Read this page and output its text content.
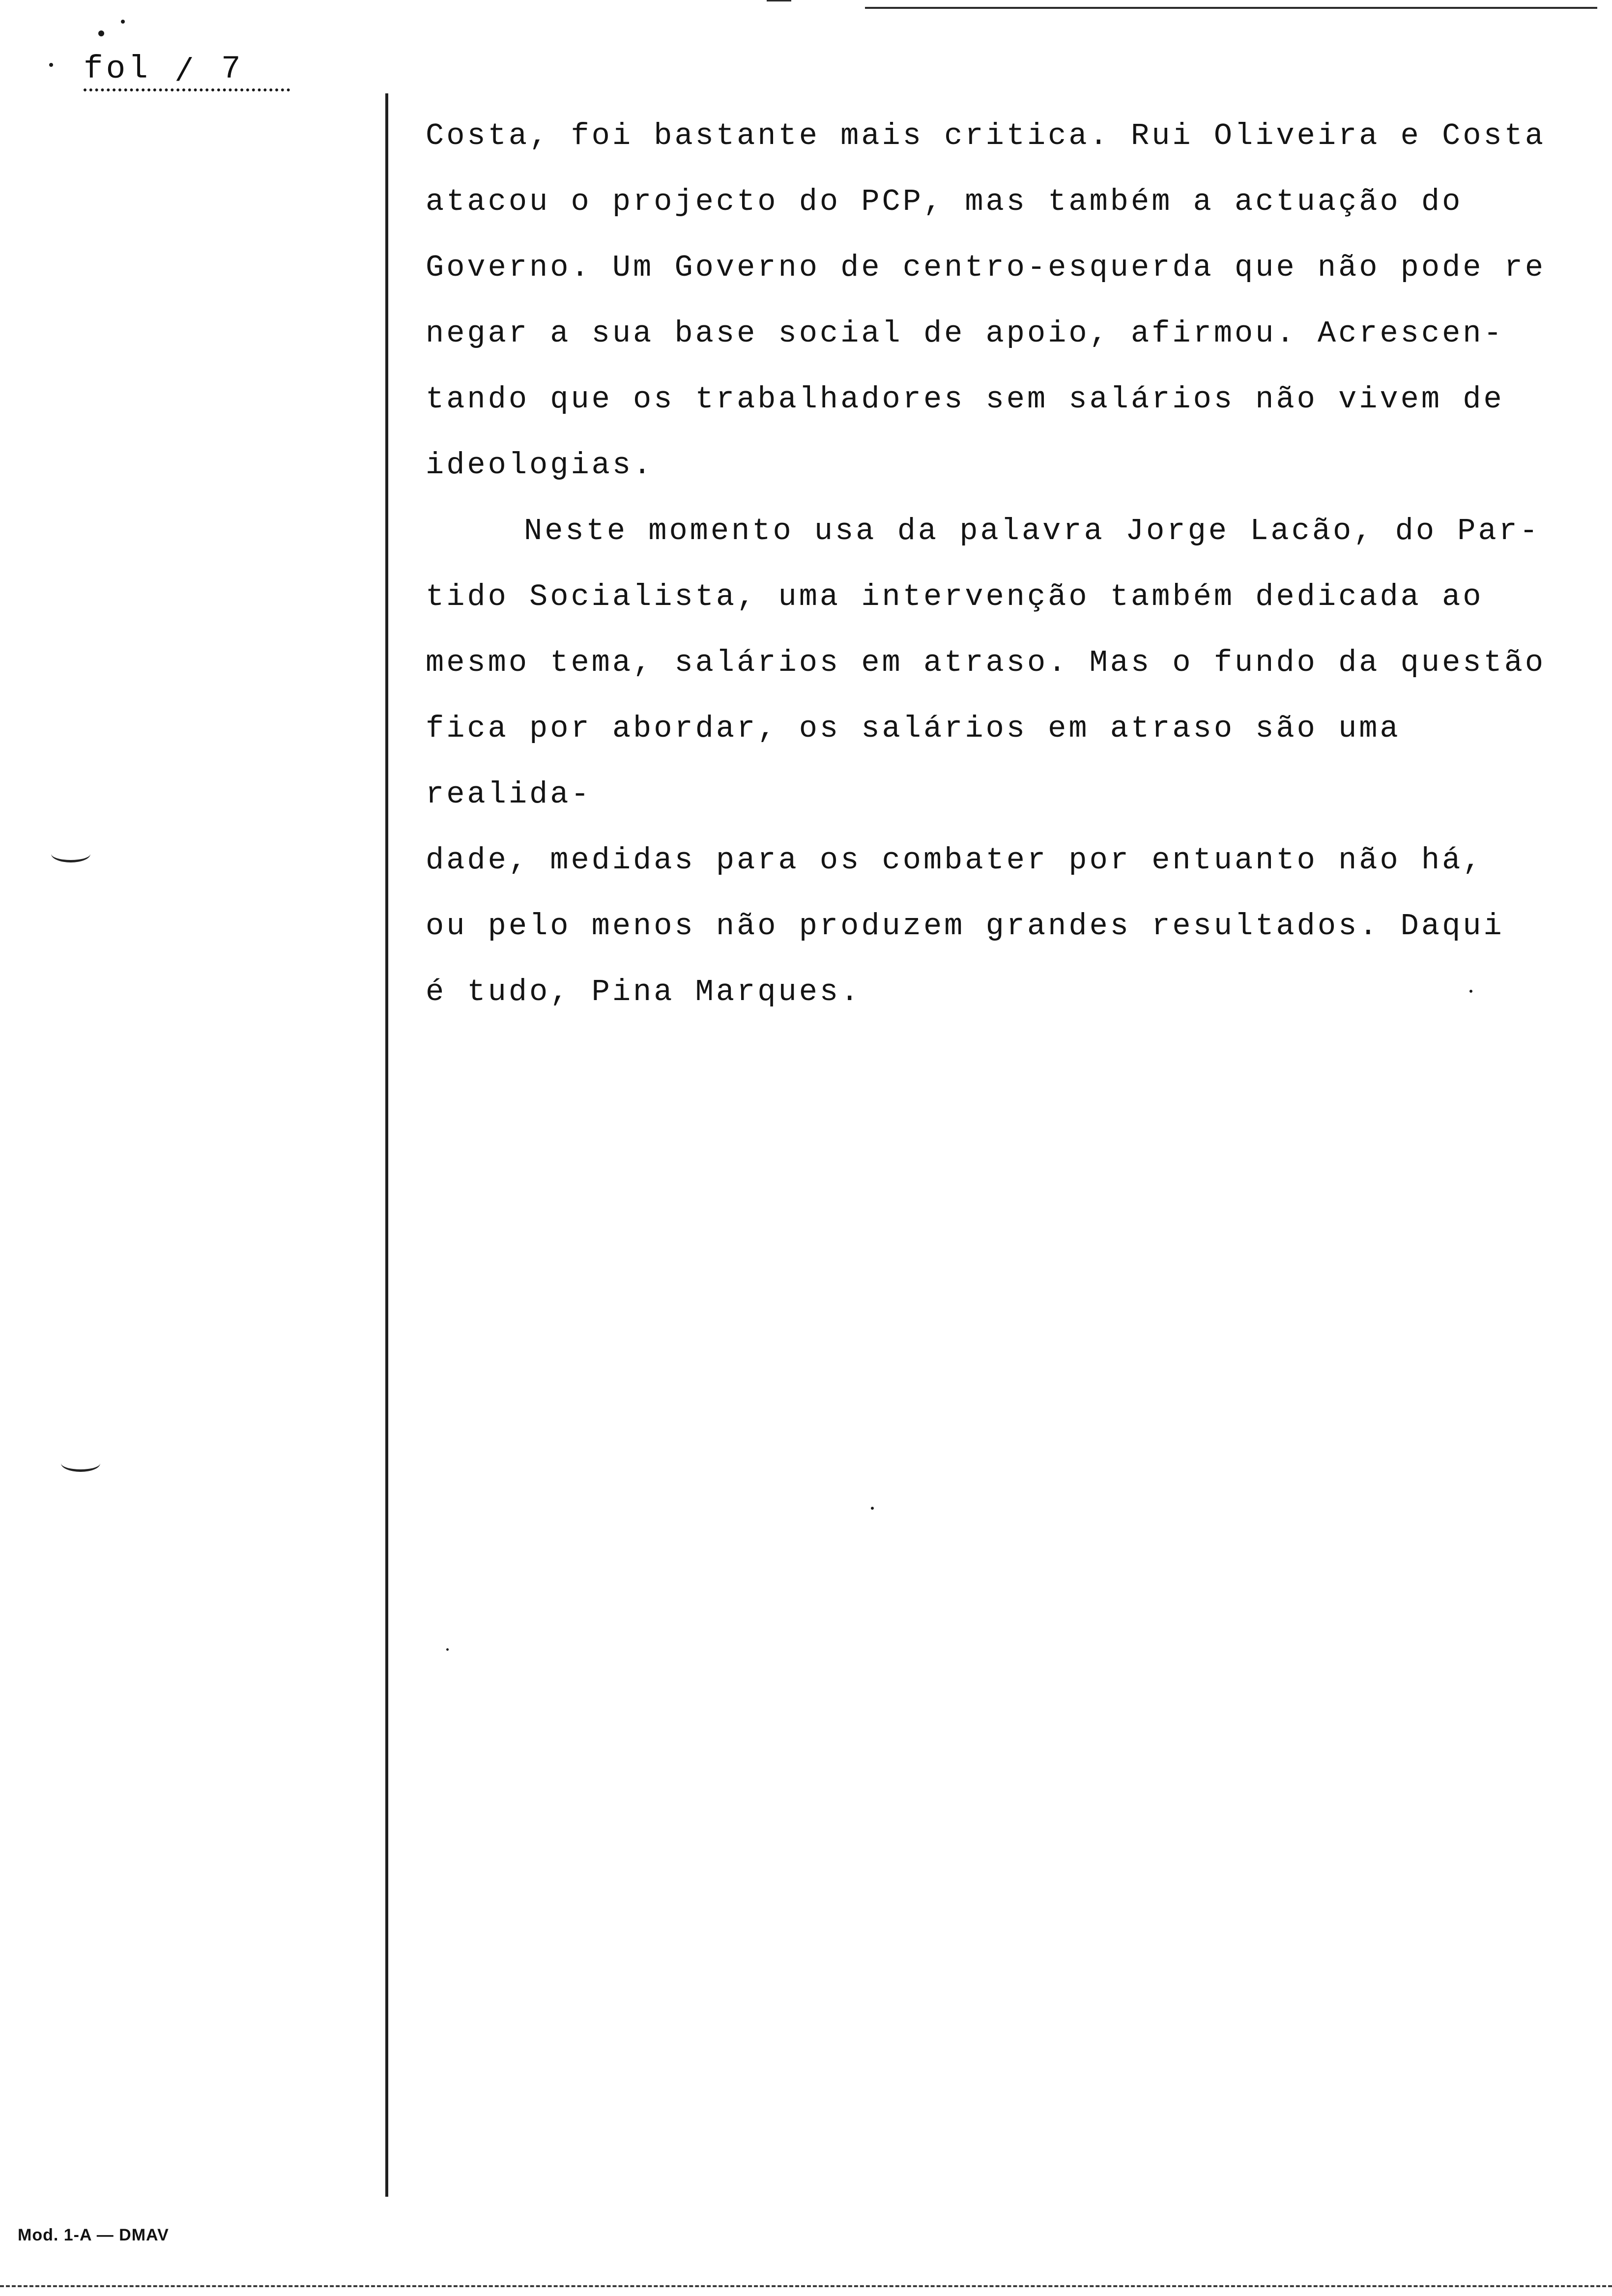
fol / 7

Costa, foi bastante mais critica. Rui Oliveira e Costa

atacou o projecto do PCP, mas também a actuação do

Governo. Um Governo de centro-esquerda que não pode re

negar a sua base social de apoio, afirmou. Acrescen-

tando que os trabalhadores sem salários não vivem de

ideologias.

Neste momento usa da palavra Jorge Lacão, do Par-

tido Socialista, uma intervenção também dedicada ao

mesmo tema, salários em atraso. Mas o fundo da questão

fica por abordar, os salários em atraso são uma realida-

dade, medidas para os combater por entuanto não há,

ou pelo menos não produzem grandes resultados. Daqui

é tudo, Pina Marques.

Mod. 1-A — DMAV
